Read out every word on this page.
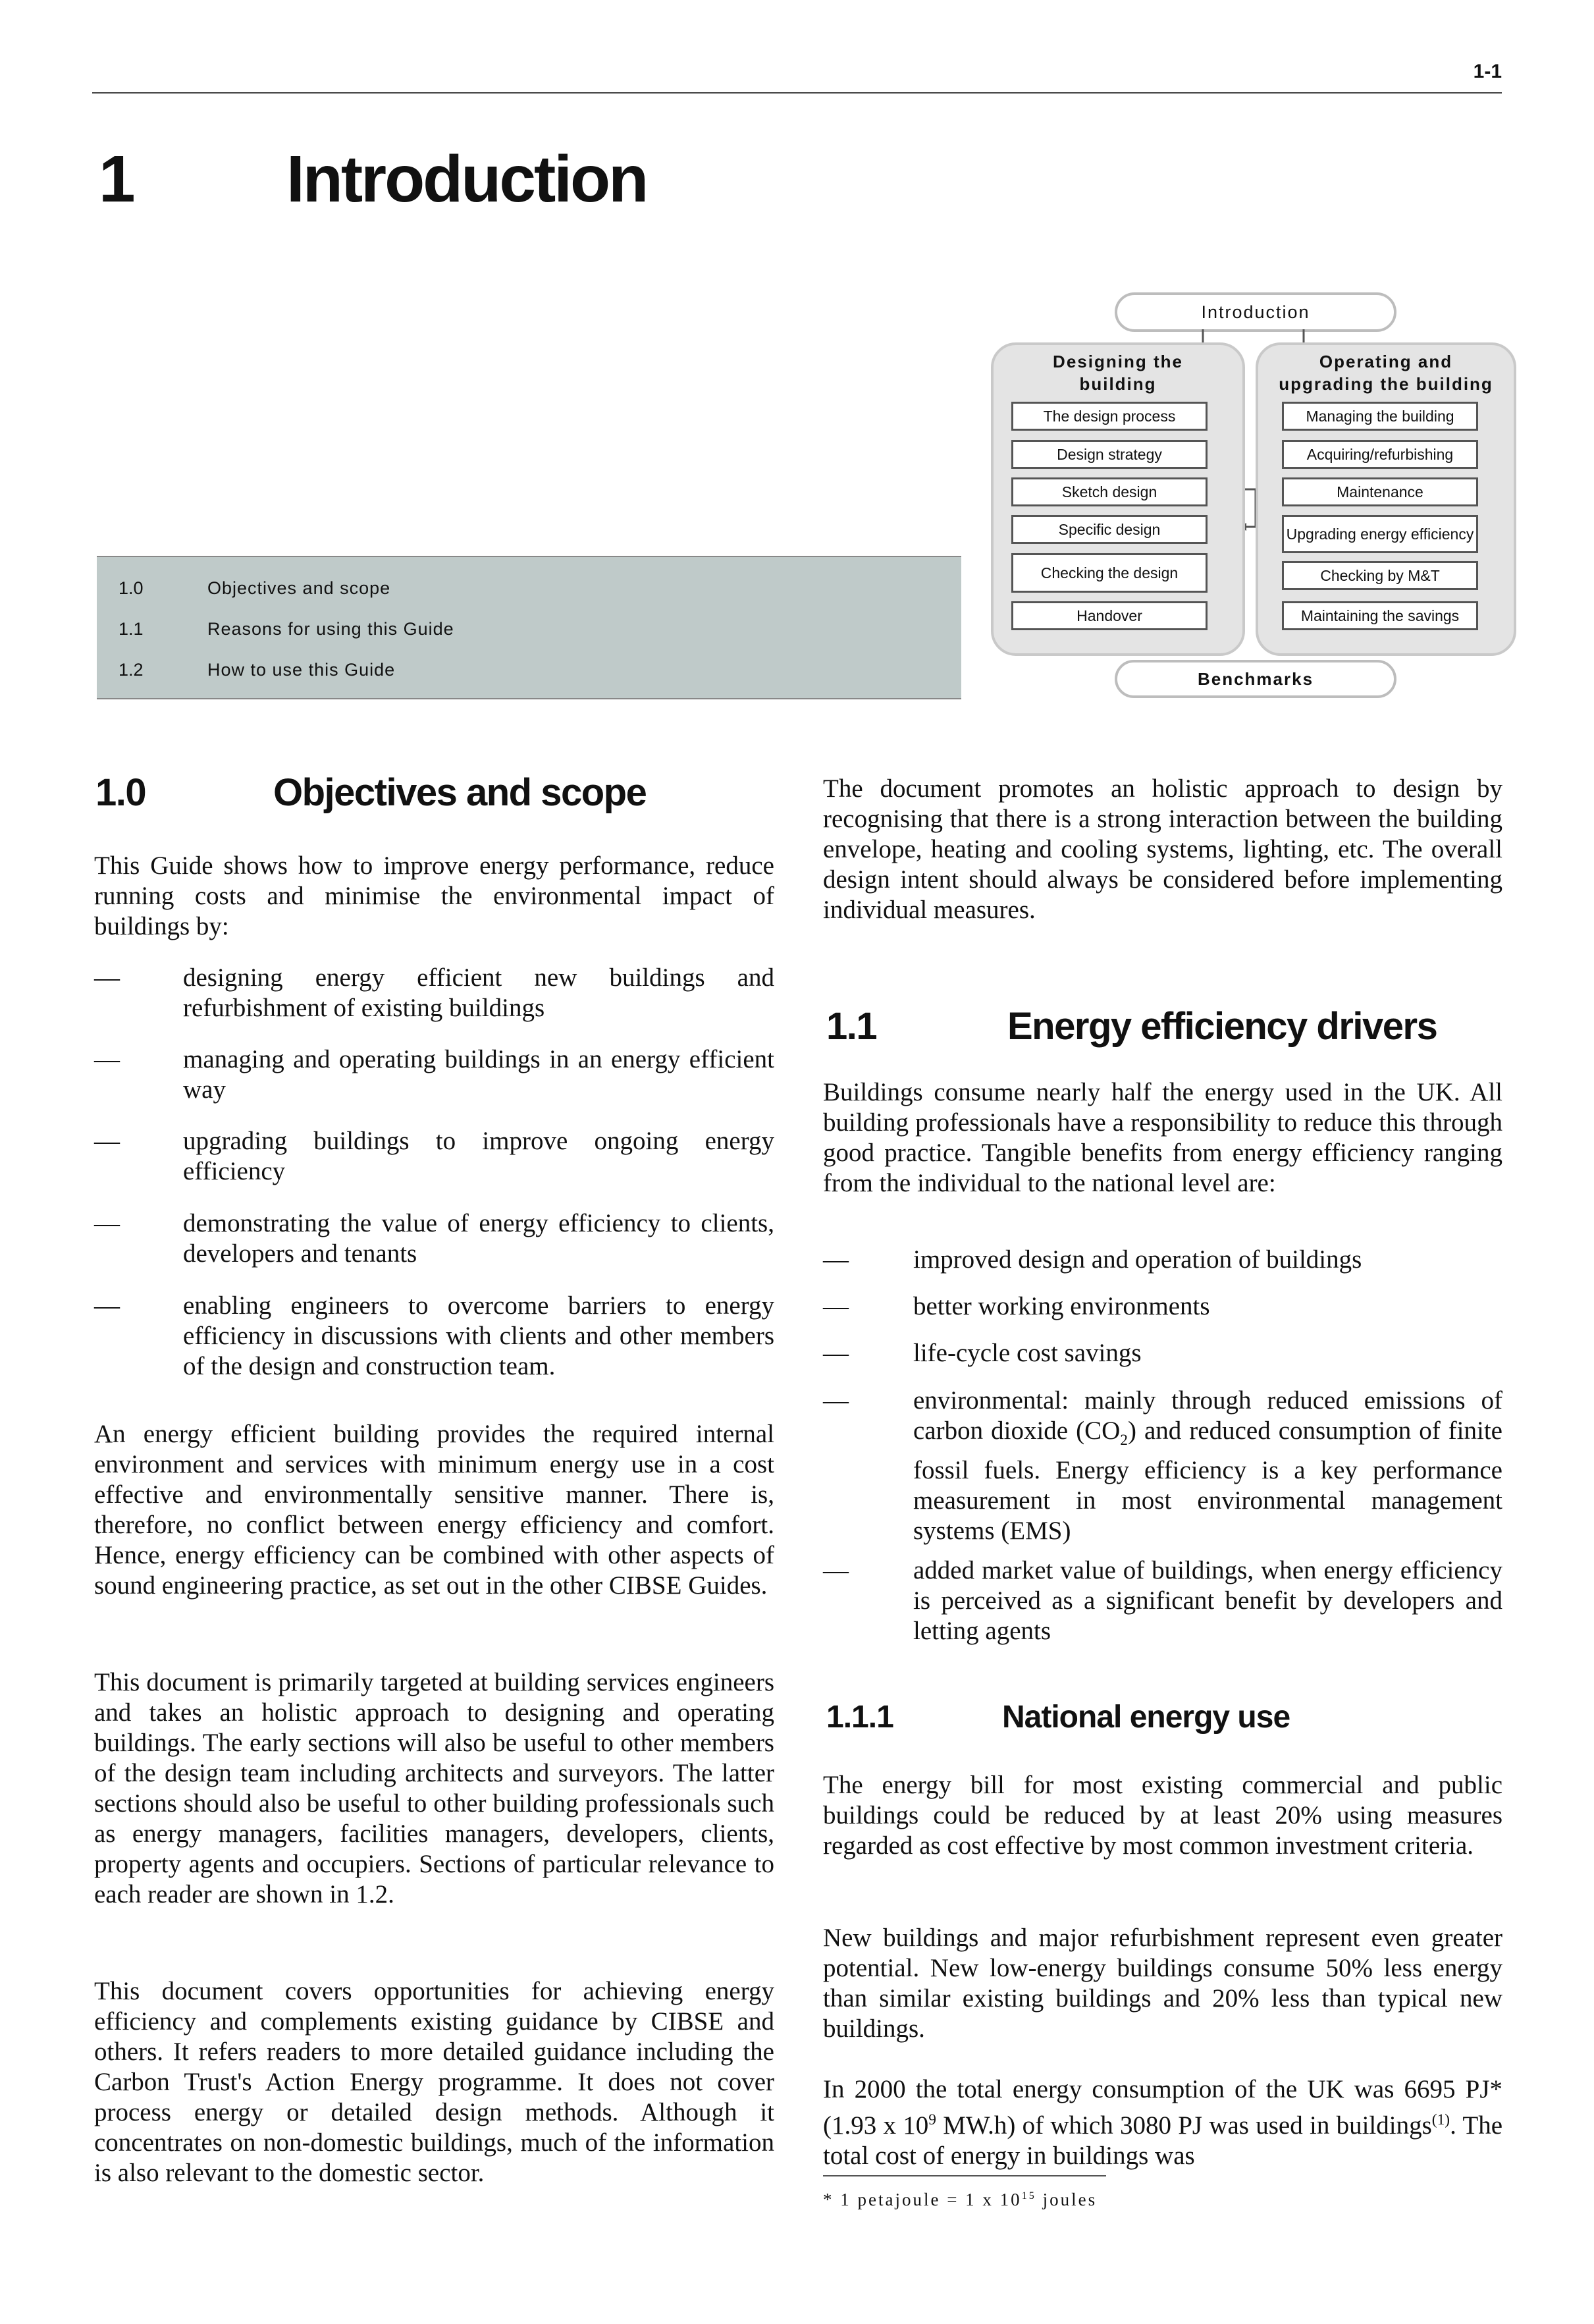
1-1
1 Introduction
1.0	Objectives and scope
1.1	Reasons for using this Guide
1.2	How to use this Guide
Introduction
Designing the
building
The design process
Design strategy
Sketch design
Specific design
Checking the design
Handover
Operating and
upgrading the building
Managing the building
Acquiring/refurbishing
Maintenance
Upgrading energy efficiency
Checking by M&T
Maintaining the savings
Benchmarks
1.0	Objectives and scope
This Guide shows how to improve energy performance, reduce running costs and minimise the environmental impact of buildings by:
— designing energy efficient new buildings and refurbishment of existing buildings
— managing and operating buildings in an energy efficient way
— upgrading buildings to improve ongoing energy efficiency
— demonstrating the value of energy efficiency to clients, developers and tenants
— enabling engineers to overcome barriers to energy efficiency in discussions with clients and other members of the design and construction team.
An energy efficient building provides the required internal environment and services with minimum energy use in a cost effective and environmentally sensitive manner. There is, therefore, no conflict between energy efficiency and comfort. Hence, energy efficiency can be combined with other aspects of sound engineering practice, as set out in the other CIBSE Guides.
This document is primarily targeted at building services engineers and takes an holistic approach to designing and operating buildings. The early sections will also be useful to other members of the design team including architects and surveyors. The latter sections should also be useful to other building professionals such as energy managers, facilities managers, developers, clients, property agents and occupiers. Sections of particular relevance to each reader are shown in 1.2.
This document covers opportunities for achieving energy efficiency and complements existing guidance by CIBSE and others. It refers readers to more detailed guidance including the Carbon Trust's Action Energy programme. It does not cover process energy or detailed design methods. Although it concentrates on non-domestic buildings, much of the information is also relevant to the domestic sector.
The document promotes an holistic approach to design by recognising that there is a strong interaction between the building envelope, heating and cooling systems, lighting, etc. The overall design intent should always be considered before implementing individual measures.
1.1	Energy efficiency drivers
Buildings consume nearly half the energy used in the UK. All building professionals have a responsibility to reduce this through good practice. Tangible benefits from energy efficiency ranging from the individual to the national level are:
—	improved design and operation of buildings
—	better working environments
—	life-cycle cost savings
—	environmental: mainly through reduced emissions of carbon dioxide $(CO_2)$ and reduced consumption of finite fossil fuels. Energy efficiency is a key performance measurement in most environmental management systems (EMS)
—	added market value of buildings, when energy efficiency is perceived as a significant benefit by developers and letting agents
1.1.1	National energy use
The energy bill for most existing commercial and public buildings could be reduced by at least 20% using measures regarded as cost effective by most common investment criteria.
New buildings and major refurbishment represent even greater potential. New low-energy buildings consume 50% less energy than similar existing buildings and 20% less than typical new buildings.
In 2000 the total energy consumption of the UK was 6695 PJ* (1.93 x $10^9$ MW.h) of which 3080 PJ was used in buildings$^{(1)}$. The total cost of energy in buildings was
* 1 petajoule = 1 x $10^{15}$ joules
